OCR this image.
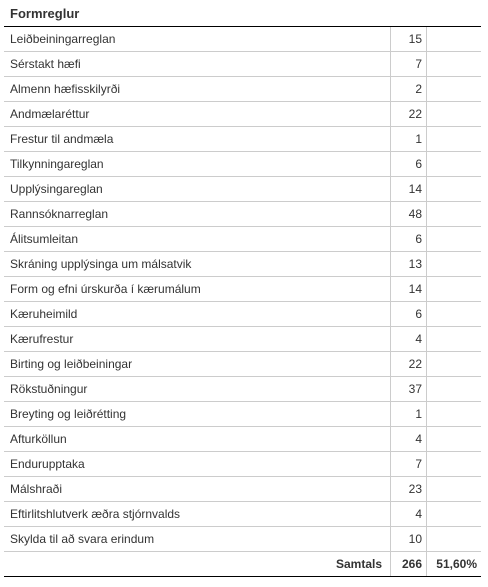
Formreglur
Leiðbeiningarreglan	15	
Sérstakt hæfi	7	
Almenn hæfisskilyrði	2	
Andmælaréttur	22	
Frestur til andmæla	1	
Tilkynningareglan	6	
Upplýsingareglan	14	
Rannsóknarreglan	48	
Álitsumleitan	6	
Skráning upplýsinga um málsatvik	13	
Form og efni úrskurða í kærumálum	14	
Kæruheimild	6	
Kærufrestur	4	
Birting og leiðbeiningar	22	
Rökstuðningur	37	
Breyting og leiðrétting	1	
Afturköllun	4	
Endurupptaka	7	
Málshraði	23	
Eftirlitshlutverk æðra stjórnvalds	4	
Skylda til að svara erindum	10	
Samtals	266	51,60%
